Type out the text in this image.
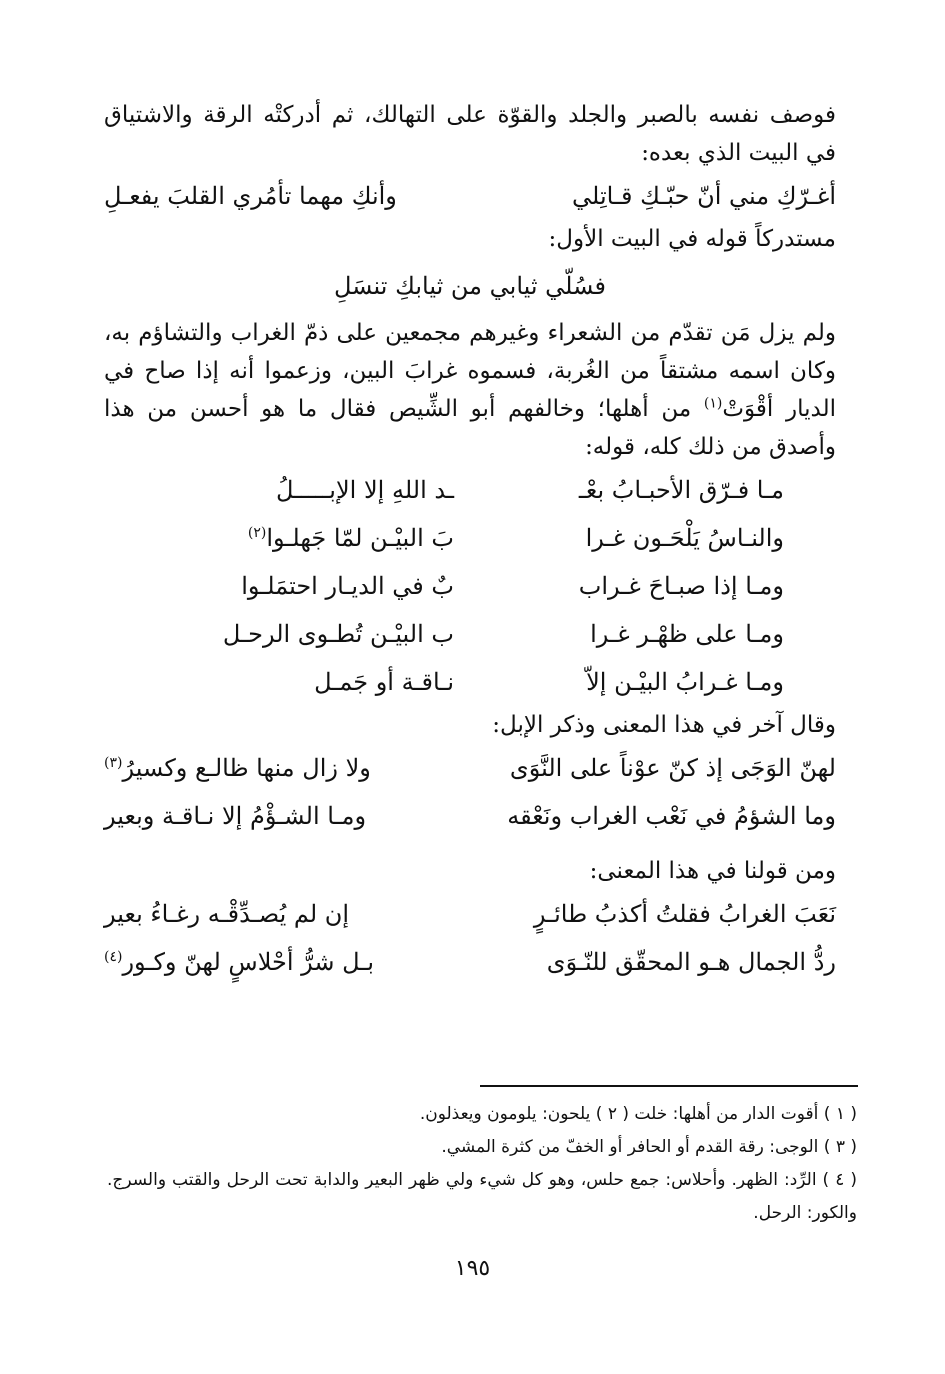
فوصف نفسه بالصبر والجلد والقوّة على التهالك، ثم أدركتْه الرقة والاشتياق في البيت الذي بعده:

أغـرّكِ مني أنّ حبّـكِ قـاتِلي
وأنكِ مهما تأمُري القلبَ يفعـلِ

مستدركاً قوله في البيت الأول:

فسُلّي ثيابي من ثيابكِ تنسَلِ

ولم يزل مَن تقدّم من الشعراء وغيرهم مجمعين على ذمّ الغراب والتشاؤم به، وكان اسمه مشتقاً من الغُربة، فسموه غرابَ البين، وزعموا أنه إذا صاح في الديار أقْوَتْ$^{(١)}$ من أهلها؛ وخالفهم أبو الشِّيص فقال ما هو أحسن من هذا وأصدق من ذلك كله، قوله:

مـا فـرّق الأحبـابُ بعْـ
ـد اللهِ إلا الإبـــــلُ
والنـاسُ يَلْحَـون غـرا
بَ البيْـن لمّا جَهلـوا$^{(٢)}$
ومـا إذا صبـاحَ غـراب
بٌ في الديـار احتمَلـوا
ومـا على ظهْـر غـرا
ب البيْـن تُطـوى الرحـل
ومـا غـرابُ البيْـن إلاّ
نـاقـة أو جَمـل

وقال آخر في هذا المعنى وذكر الإبل:

لهنّ الوَجَى إذ كنّ عوْناً على النَّوَى
ولا زال منها ظالـع وكسيرُ$^{(٣)}$
وما الشؤمُ في نَعْب الغراب ونَعْقه
ومـا الشـؤْمُ إلا نـاقـة وبعير

ومن قولنا في هذا المعنى:

نَعَبَ الغرابُ فقلتُ أكذبُ طائـرٍ
إن لم يُصـدِّقْـه رغـاءُ بعير
ردُّ الجمال هـو المحقّق للنّـوَى
بـل شرُّ أحْلاسٍ لهنّ وكـور$^{(٤)}$

( ١ ) أقوت الدار من أهلها: خلت ( ٢ ) يلحون: يلومون ويعذلون.

( ٣ ) الوجى: رقة القدم أو الحافر أو الخفّ من كثرة المشي.

( ٤ ) الرِّد: الظهر. وأحلاس: جمع حلس، وهو كل شيء ولي ظهر البعير والدابة تحت الرحل والقتب والسرج. والكور: الرحل.

١٩٥
